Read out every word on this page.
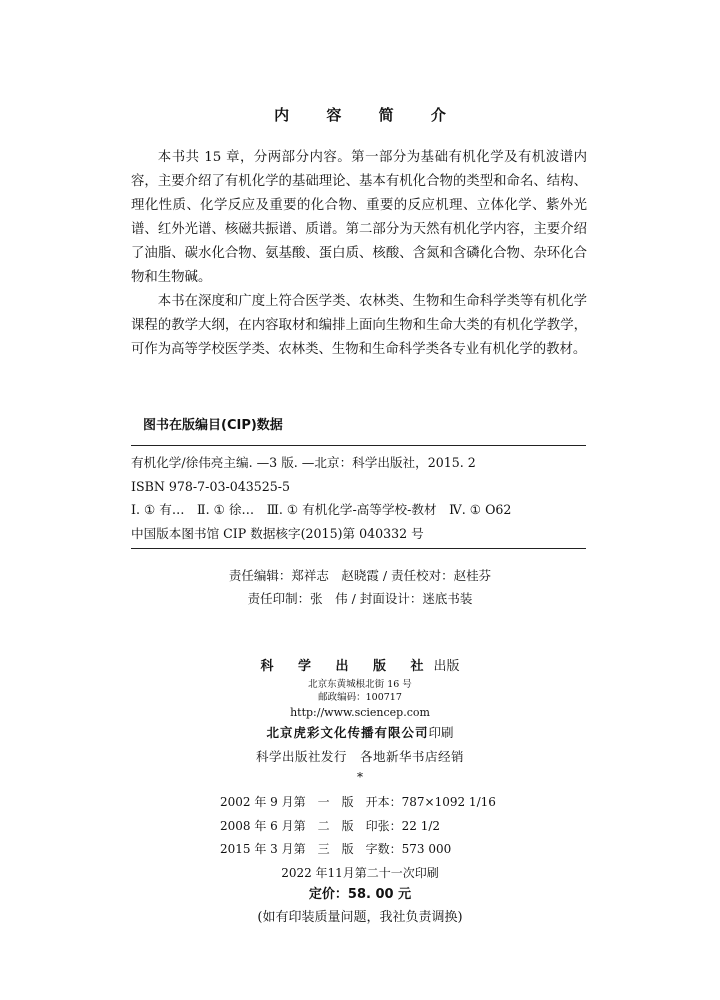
内 容 简 介

本书共 15 章，分两部分内容。第一部分为基础有机化学及有机波谱内容，主要介绍了有机化学的基础理论、基本有机化合物的类型和命名、结构、理化性质、化学反应及重要的化合物、重要的反应机理、立体化学、紫外光谱、红外光谱、核磁共振谱、质谱。第二部分为天然有机化学内容，主要介绍了油脂、碳水化合物、氨基酸、蛋白质、核酸、含氮和含磷化合物、杂环化合物和生物碱。

本书在深度和广度上符合医学类、农林类、生物和生命科学类等有机化学课程的教学大纲，在内容取材和编排上面向生物和生命大类的有机化学教学，可作为高等学校医学类、农林类、生物和生命科学类各专业有机化学的教材。

图书在版编目(CIP)数据
有机化学/徐伟亮主编. —3 版. —北京：科学出版社，2015. 2
ISBN 978-7-03-043525-5
Ⅰ. ① 有…　Ⅱ. ① 徐…　Ⅲ. ① 有机化学-高等学校-教材　Ⅳ. ① O62
中国版本图书馆 CIP 数据核字(2015)第 040332 号
责任编辑：郑祥志　赵晓霞 / 责任校对：赵桂芬
责任印制：张　伟 / 封面设计：迷底书装
科 学 出 版 社出版
北京东黄城根北街 16 号
邮政编码：100717
http://www.sciencep.com
北京虎彩文化传播有限公司印刷
科学出版社发行　各地新华书店经销
*
2002 年 9 月第　一　版　开本：787×1092 1/16
2008 年 6 月第　二　版　印张：22 1/2
2015 年 3 月第　三　版　字数：573 000
2022 年11月第二十一次印刷
定价：58. 00 元
(如有印装质量问题，我社负责调换)
